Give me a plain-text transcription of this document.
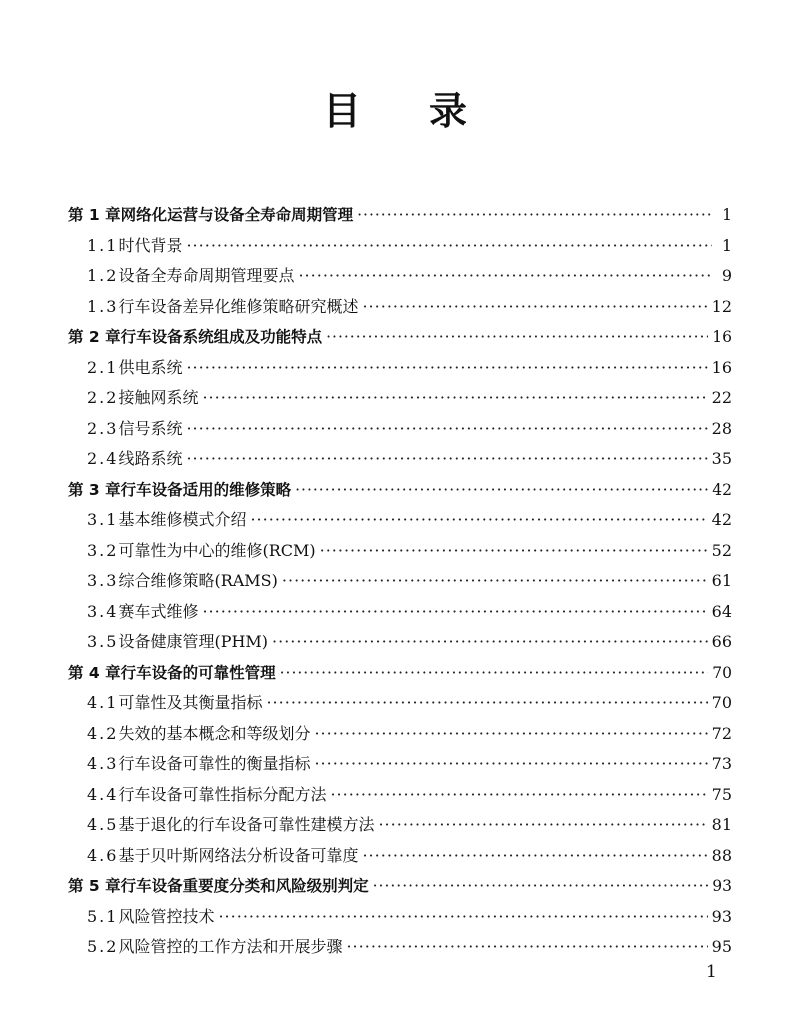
目录
第 1 章 网络化运营与设备全寿命周期管理 ·····	1
1.1 时代背景 ·····	1
1.2 设备全寿命周期管理要点 ·····	9
1.3 行车设备差异化维修策略研究概述 ·····	12
第 2 章 行车设备系统组成及功能特点 ·····	16
2.1 供电系统 ·····	16
2.2 接触网系统 ·····	22
2.3 信号系统 ·····	28
2.4 线路系统 ·····	35
第 3 章 行车设备适用的维修策略 ·····	42
3.1 基本维修模式介绍 ·····	42
3.2 可靠性为中心的维修(RCM) ·····	52
3.3 综合维修策略(RAMS) ·····	61
3.4 赛车式维修 ·····	64
3.5 设备健康管理(PHM) ·····	66
第 4 章 行车设备的可靠性管理 ·····	70
4.1 可靠性及其衡量指标 ·····	70
4.2 失效的基本概念和等级划分 ·····	72
4.3 行车设备可靠性的衡量指标 ·····	73
4.4 行车设备可靠性指标分配方法 ·····	75
4.5 基于退化的行车设备可靠性建模方法 ·····	81
4.6 基于贝叶斯网络法分析设备可靠度 ·····	88
第 5 章 行车设备重要度分类和风险级别判定 ·····	93
5.1 风险管控技术 ·····	93
5.2 风险管控的工作方法和开展步骤 ·····	95
1
